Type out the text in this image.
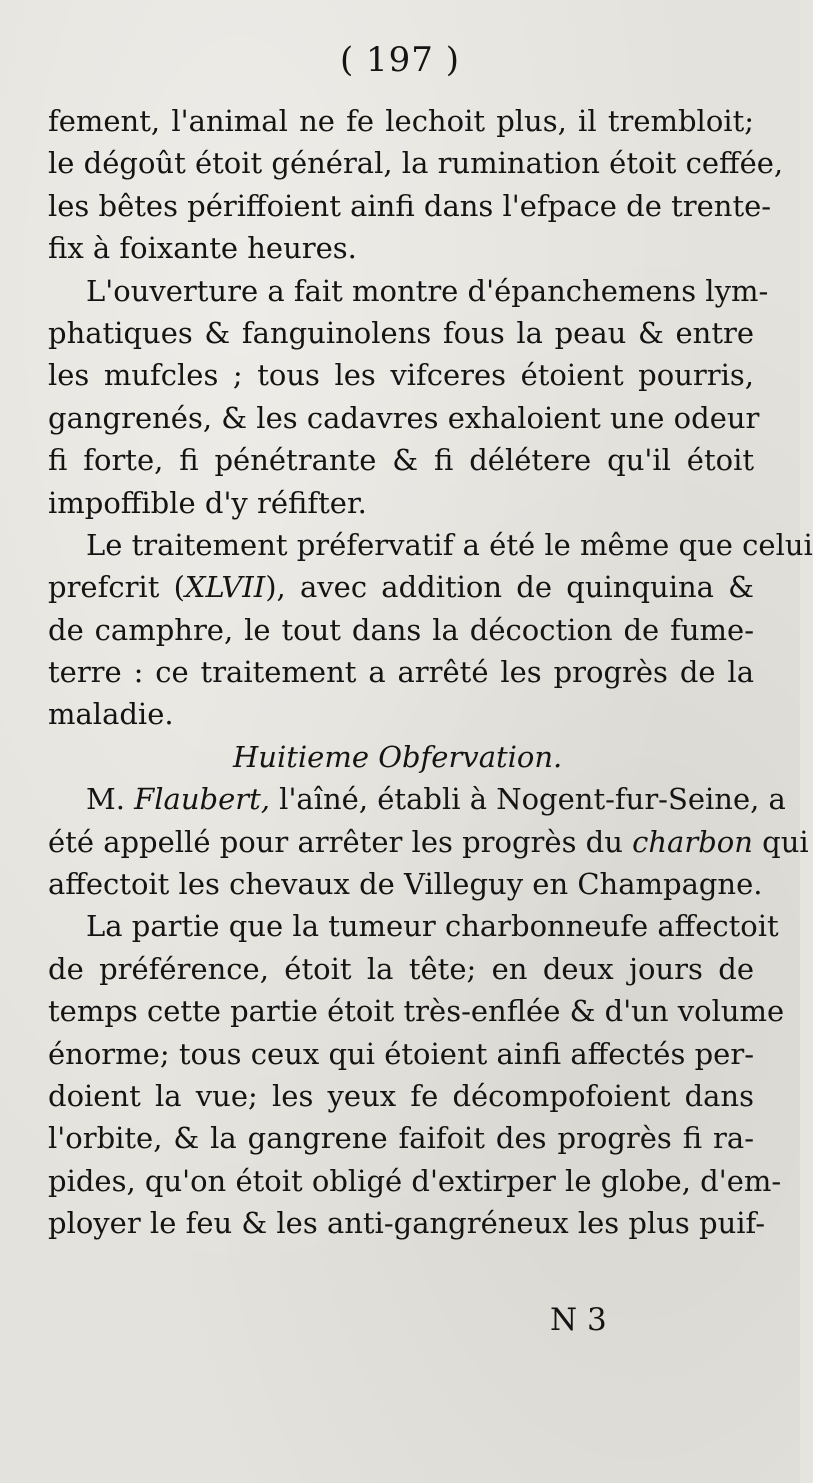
( 197 )
fement, l'animal ne fe lechoit plus, il trembloit;
le dégoût étoit général, la rumination étoit ceffée,
les bêtes périffoient ainfi dans l'efpace de trente-
fix à foixante heures.
L'ouverture a fait montre d'épanchemens lym-
phatiques & fanguinolens fous la peau & entre
les mufcles ; tous les vifceres étoient pourris,
gangrenés, & les cadavres exhaloient une odeur
fi forte, fi pénétrante & fi délétere qu'il étoit
impoffible d'y réfifter.
Le traitement préfervatif a été le même que celui
prefcrit (XLVII), avec addition de quinquina &
de camphre, le tout dans la décoction de fume-
terre : ce traitement a arrêté les progrès de la
maladie.
Huitieme Obfervation.
M. Flaubert, l'aîné, établi à Nogent-fur-Seine, a
été appellé pour arrêter les progrès du charbon qui
affectoit les chevaux de Villeguy en Champagne.
La partie que la tumeur charbonneufe affectoit
de préférence, étoit la tête; en deux jours de
temps cette partie étoit très-enflée & d'un volume
énorme; tous ceux qui étoient ainfi affectés per-
doient la vue; les yeux fe décompofoient dans
l'orbite, & la gangrene faifoit des progrès fi ra-
pides, qu'on étoit obligé d'extirper le globe, d'em-
ployer le feu & les anti-gangréneux les plus puif-
N 3
